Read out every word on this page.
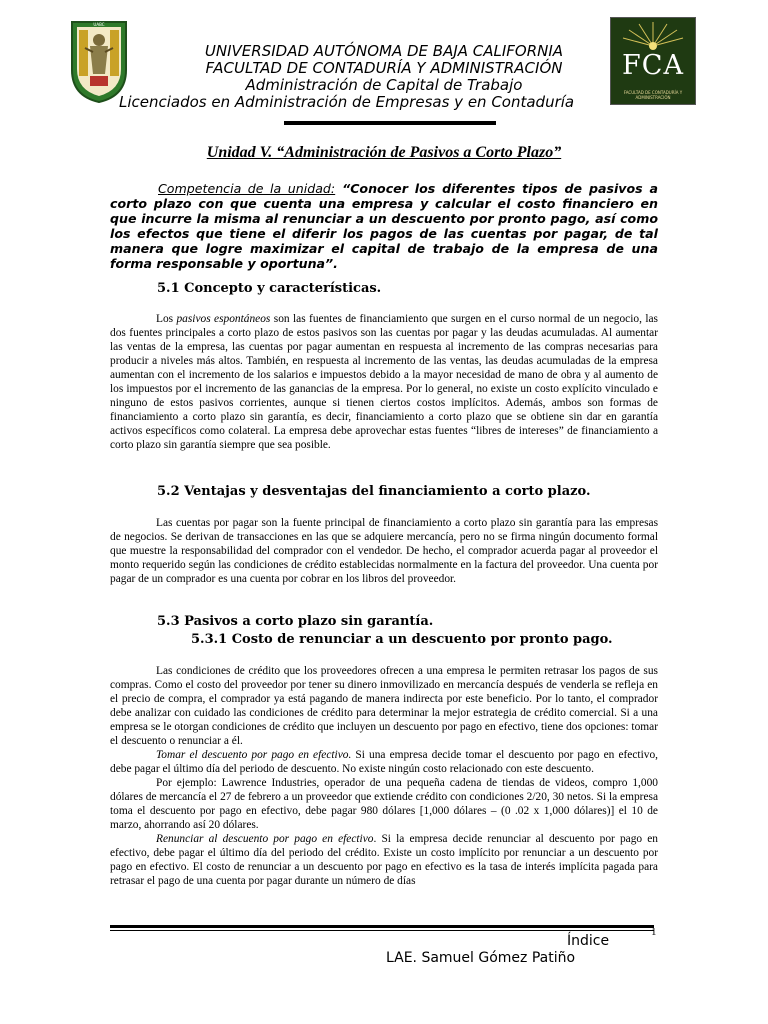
UABC
FCA
FACULTAD DE CONTADURÍA Y ADMINISTRACIÓN
UNIVERSIDAD AUTÓNOMA DE BAJA CALIFORNIA
FACULTAD DE CONTADURÍA Y ADMINISTRACIÓN
Administración de Capital de Trabajo
Licenciados en Administración de Empresas y en Contaduría
Unidad V. “Administración de Pasivos a Corto Plazo”
Competencia de la unidad: “Conocer los diferentes tipos de pasivos a corto plazo con que cuenta una empresa y calcular el costo financiero en que incurre la misma al renunciar a un descuento por pronto pago, así como los efectos que tiene el diferir los pagos de las cuentas por pagar, de tal manera que logre maximizar el capital de trabajo de la empresa de una forma responsable y oportuna”.
5.1 Concepto y características.

Los pasivos espontáneos son las fuentes de financiamiento que surgen en el curso normal de un negocio, las dos fuentes principales a corto plazo de estos pasivos son las cuentas por pagar y las deudas acumuladas. Al aumentar las ventas de la empresa, las cuentas por pagar aumentan en respuesta al incremento de las compras necesarias para producir a niveles más altos. También, en respuesta al incremento de las ventas, las deudas acumuladas de la empresa aumentan con el incremento de los salarios e impuestos debido a la mayor necesidad de mano de obra y al aumento de los impuestos por el incremento de las ganancias de la empresa. Por lo general, no existe un costo explícito vinculado e ninguno de estos pasivos corrientes, aunque si tienen ciertos costos implícitos. Además, ambos son formas de financiamiento a corto plazo sin garantía, es decir, financiamiento a corto plazo que se obtiene sin dar en garantía activos específicos como colateral. La empresa debe aprovechar estas fuentes “libres de intereses” de financiamiento a corto plazo sin garantía siempre que sea posible.

5.2 Ventajas y desventajas del financiamiento a corto plazo.

Las cuentas por pagar son la fuente principal de financiamiento a corto plazo sin garantía para las empresas de negocios. Se derivan de transacciones en las que se adquiere mercancía, pero no se firma ningún documento formal que muestre la responsabilidad del comprador con el vendedor. De hecho, el comprador acuerda pagar al proveedor el monto requerido según las condiciones de crédito establecidas normalmente en la factura del proveedor. Una cuenta por pagar de un comprador es una cuenta por cobrar en los libros del proveedor.

5.3 Pasivos a corto plazo sin garantía.
5.3.1 Costo de renunciar a un descuento por pronto pago.

Las condiciones de crédito que los proveedores ofrecen a una empresa le permiten retrasar los pagos de sus compras. Como el costo del proveedor por tener su dinero inmovilizado en mercancía después de venderla se refleja en el precio de compra, el comprador ya está pagando de manera indirecta por este beneficio. Por lo tanto, el comprador debe analizar con cuidado las condiciones de crédito para determinar la mejor estrategia de crédito comercial. Si a una empresa se le otorgan condiciones de crédito que incluyen un descuento por pago en efectivo, tiene dos opciones: tomar el descuento o renunciar a él.

Tomar el descuento por pago en efectivo. Si una empresa decide tomar el descuento por pago en efectivo, debe pagar el último día del periodo de descuento. No existe ningún costo relacionado con este descuento.

Por ejemplo: Lawrence Industries, operador de una pequeña cadena de tiendas de videos, compro 1,000 dólares de mercancía el 27 de febrero a un proveedor que extiende crédito con condiciones 2/20, 30 netos. Si la empresa toma el descuento por pago en efectivo, debe pagar 980 dólares [1,000 dólares – (0 .02 x 1,000 dólares)] el 10 de marzo, ahorrando así 20 dólares.

Renunciar al descuento por pago en efectivo. Si la empresa decide renunciar al descuento por pago en efectivo, debe pagar el último día del periodo del crédito. Existe un costo implícito por renunciar a un descuento por pago en efectivo. El costo de renunciar a un descuento por pago en efectivo es la tasa de interés implícita pagada para retrasar el pago de una cuenta por pagar durante un número de días

1
Índice
LAE. Samuel Gómez Patiño
